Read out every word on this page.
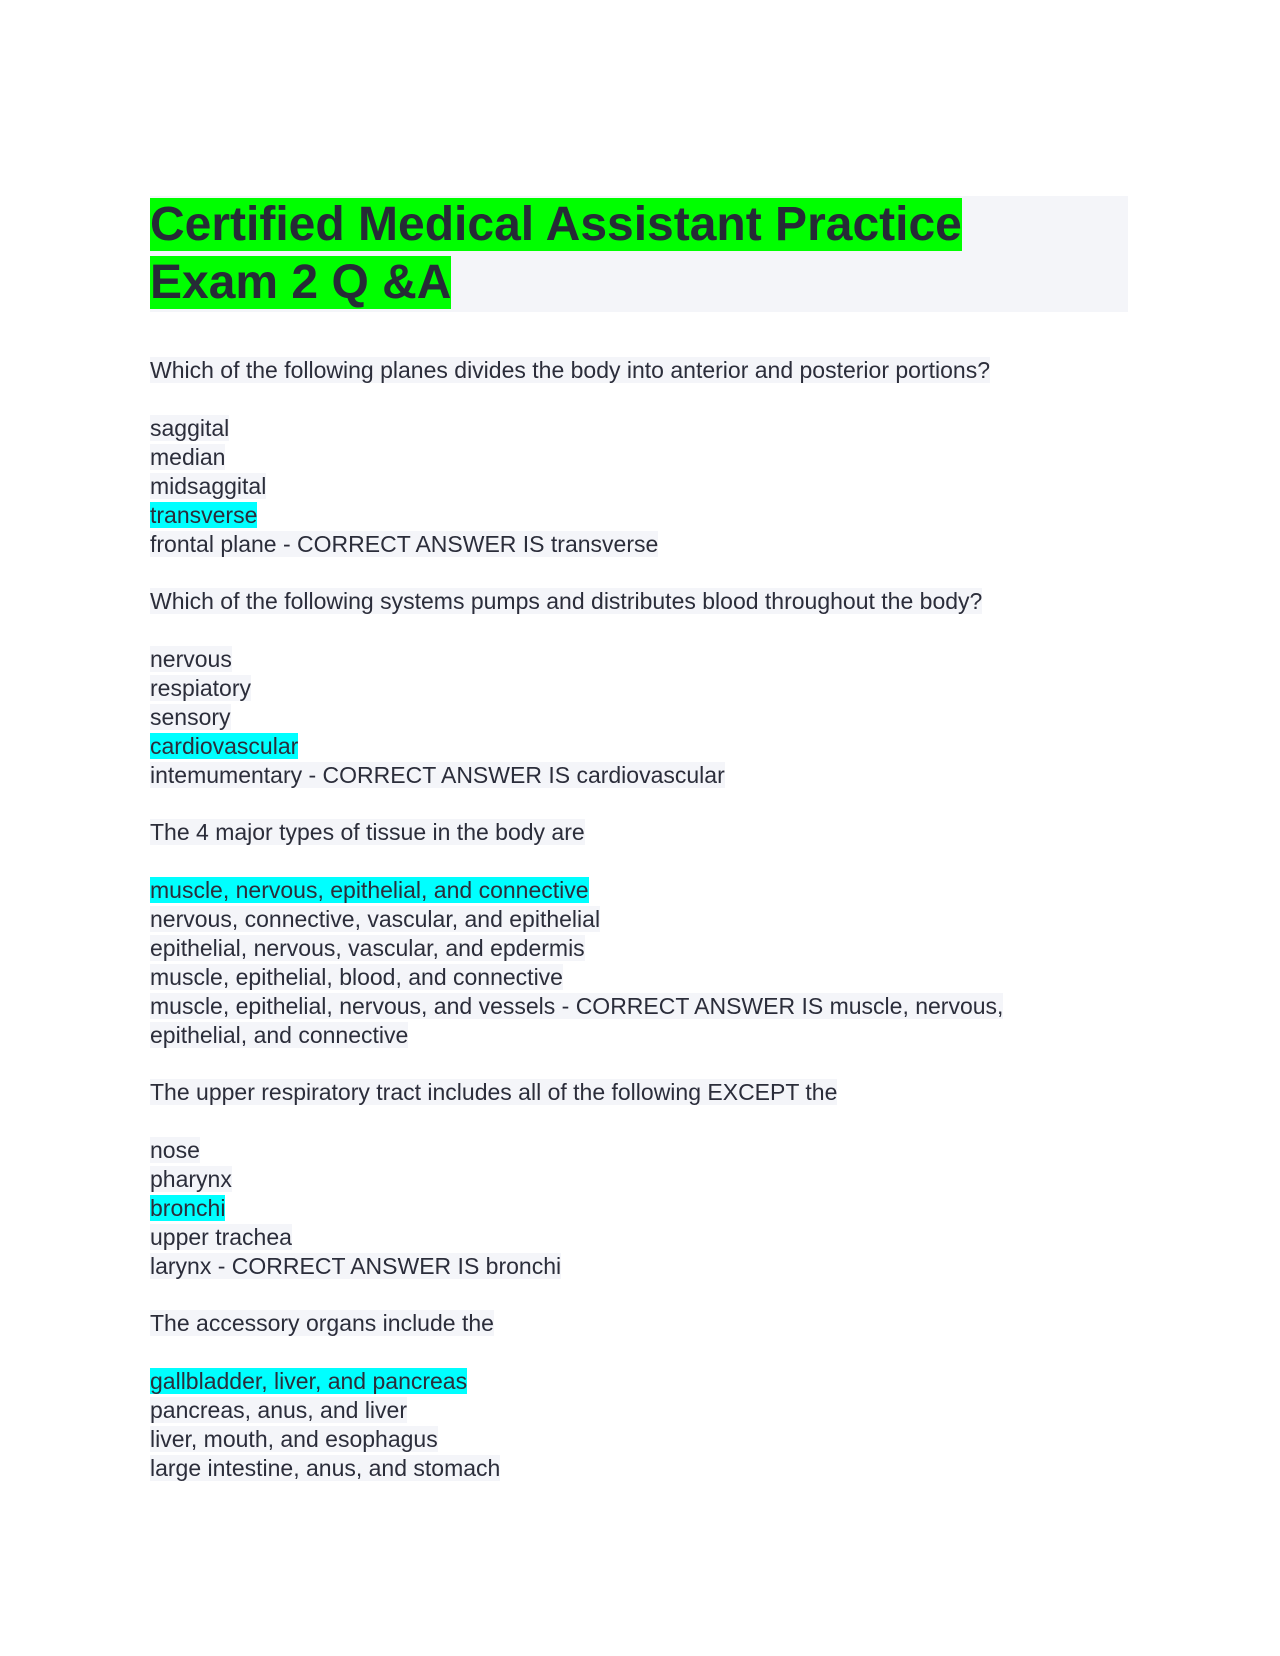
Certified Medical Assistant Practice
Exam 2 Q &A
Which of the following planes divides the body into anterior and posterior portions?
saggital
median
midsaggital
transverse
frontal plane - CORRECT ANSWER IS transverse
Which of the following systems pumps and distributes blood throughout the body?
nervous
respiatory
sensory
cardiovascular
intemumentary - CORRECT ANSWER IS cardiovascular
The 4 major types of tissue in the body are
muscle, nervous, epithelial, and connective
nervous, connective, vascular, and epithelial
epithelial, nervous, vascular, and epdermis
muscle, epithelial, blood, and connective
muscle, epithelial, nervous, and vessels - CORRECT ANSWER IS muscle, nervous,
epithelial, and connective
The upper respiratory tract includes all of the following EXCEPT the
nose
pharynx
bronchi
upper trachea
larynx - CORRECT ANSWER IS bronchi
The accessory organs include the
gallbladder, liver, and pancreas
pancreas, anus, and liver
liver, mouth, and esophagus
large intestine, anus, and stomach
